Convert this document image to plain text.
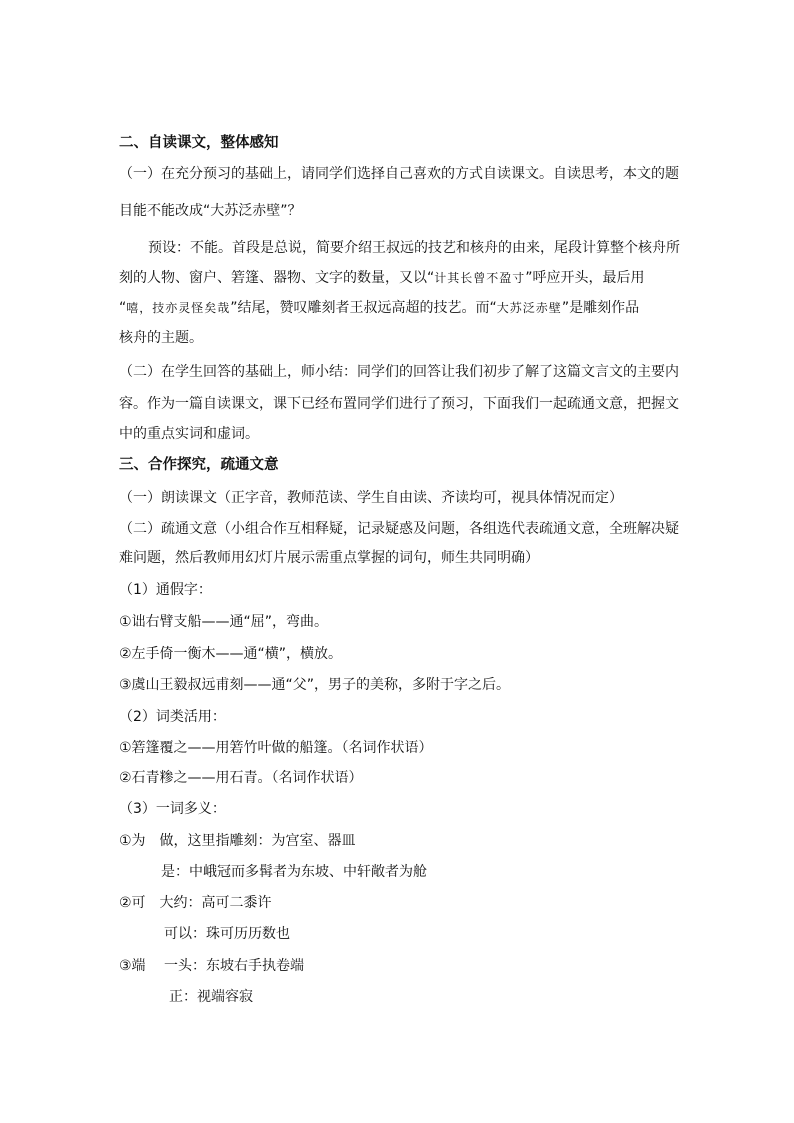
二、自读课文，整体感知
（一）在充分预习的基础上，请同学们选择自己喜欢的方式自读课文。自读思考，本文的题
目能不能改成“大苏泛赤壁”？
预设：不能。首段是总说，简要介绍王叔远的技艺和核舟的由来，尾段计算整个核舟所
刻的人物、窗户、箬篷、器物、文字的数量，又以“计其长曾不盈寸”呼应开头，最后用
“嘻，技亦灵怪矣哉”结尾，赞叹雕刻者王叔远高超的技艺。而“大苏泛赤壁”是雕刻作品
核舟的主题。
（二）在学生回答的基础上，师小结：同学们的回答让我们初步了解了这篇文言文的主要内
容。作为一篇自读课文，课下已经布置同学们进行了预习，下面我们一起疏通文意，把握文
中的重点实词和虚词。
三、合作探究，疏通文意
（一）朗读课文（正字音，教师范读、学生自由读、齐读均可，视具体情况而定）
（二）疏通文意（小组合作互相释疑，记录疑惑及问题，各组选代表疏通文意，全班解决疑
难问题，然后教师用幻灯片展示需重点掌握的词句，师生共同明确）
（1）通假字：
①诎右臂支船——通“屈”，弯曲。
②左手倚一衡木——通“横”，横放。
③虞山王毅叔远甫刻——通“父”，男子的美称，多附于字之后。
（2）词类活用：
①箬篷覆之——用箬竹叶做的船篷。（名词作状语）
②石青糁之——用石青。（名词作状语）
（3）一词多义：
①为　做，这里指雕刻：为宫室、器皿
是：中峨冠而多髯者为东坡、中轩敞者为舱
②可　大约：高可二黍许
可以：珠可历历数也
③端　 一头：东坡右手执卷端
正：视端容寂
